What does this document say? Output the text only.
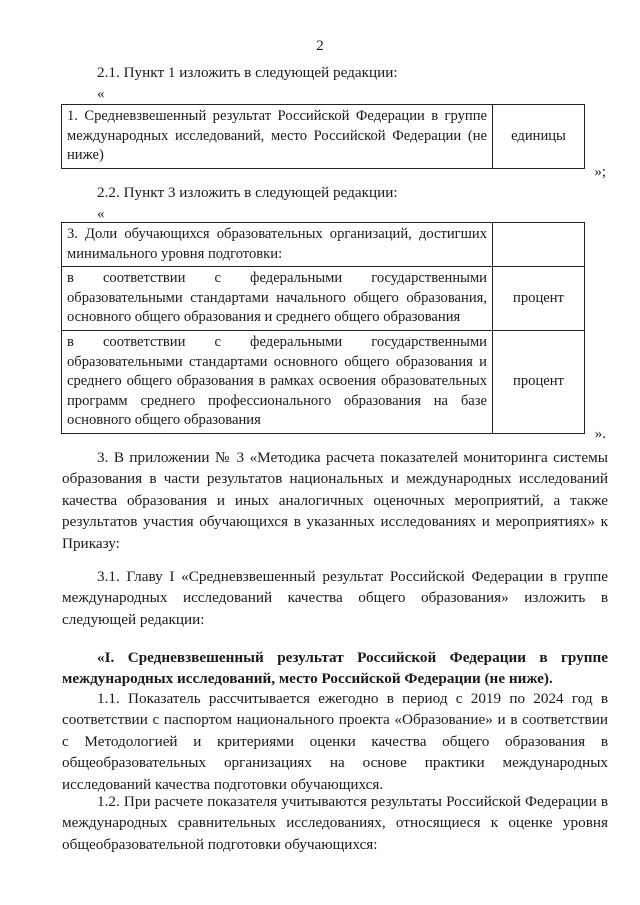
2
2.1. Пункт 1 изложить в следующей редакции:
«
1. Средневзвешенный результат Российской Федерации в группе международных исследований, место Российской Федерации (не ниже)	единицы
»;
2.2. Пункт 3 изложить в следующей редакции:
«
3. Доли обучающихся образовательных организаций, достигших минимального уровня подготовки:	
в соответствии с федеральными государственными образовательными стандартами начального общего образования, основного общего образования и среднего общего образования	процент
в соответствии с федеральными государственными образовательными стандартами основного общего образования и среднего общего образования в рамках освоения образовательных программ среднего профессионального образования на базе основного общего образования	процент
».
3. В приложении № 3 «Методика расчета показателей мониторинга системы образования в части результатов национальных и международных исследований качества образования и иных аналогичных оценочных мероприятий, а также результатов участия обучающихся в указанных исследованиях и мероприятиях» к Приказу:
3.1. Главу I «Средневзвешенный результат Российской Федерации в группе международных исследований качества общего образования» изложить в следующей редакции:
«I. Средневзвешенный результат Российской Федерации в группе международных исследований, место Российской Федерации (не ниже).
1.1. Показатель рассчитывается ежегодно в период с 2019 по 2024 год в соответствии с паспортом национального проекта «Образование» и в соответствии с Методологией и критериями оценки качества общего образования в общеобразовательных организациях на основе практики международных исследований качества подготовки обучающихся.
1.2. При расчете показателя учитываются результаты Российской Федерации в международных сравнительных исследованиях, относящиеся к оценке уровня общеобразовательной подготовки обучающихся:
